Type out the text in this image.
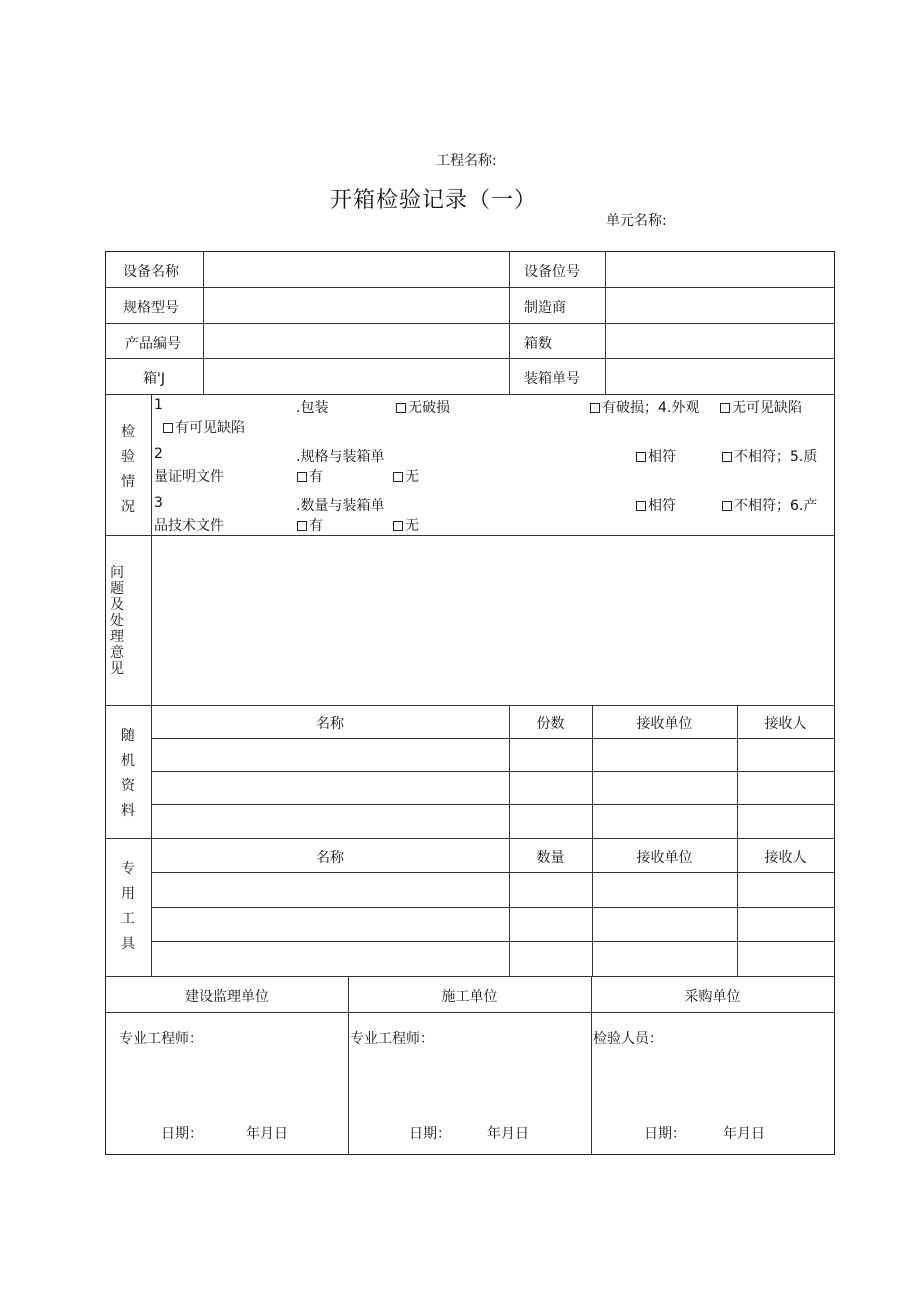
工程名称:
开箱检验记录（一）
单元名称:
设备名称	设备位号
规格型号	制造商
产品编号	箱数
箱'J	装箱单号
检验情况
1	.包装	无破损	有破损；4.外观	无可见缺陷
有可见缺陷
2	.规格与装箱单	相符	不相符；5.质
量证明文件	有	无
3	.数量与装箱单	相符	不相符；6.产
品技术文件	有	无
问题及处理意见
随机资料
名称	份数	接收单位	接收人
专用工具
名称	数量	接收单位	接收人
建设监理单位	施工单位	采购单位
专业工程师：	专业工程师：	检验人员：
日期：	年月日	日期：	年月日	日期：	年月日
